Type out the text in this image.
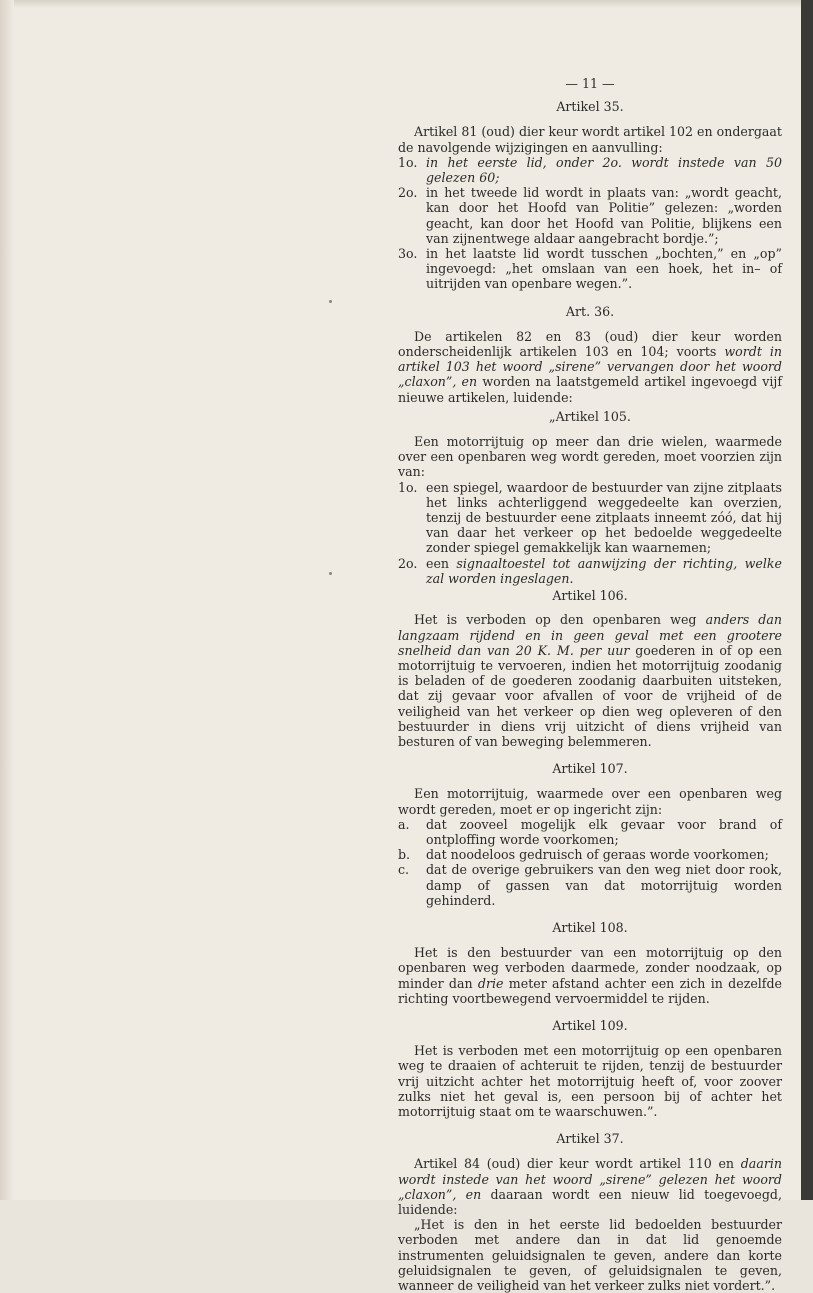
— 11 —
Artikel 35.

Artikel 81 (oud) dier keur wordt artikel 102 en ondergaat de navolgende wijzigingen en aanvulling:

1o. in het eerste lid, onder 2o. wordt instede van 50 gelezen 60;
2o. in het tweede lid wordt in plaats van: „wordt geacht, kan door het Hoofd van Politie” gelezen: „worden geacht, kan door het Hoofd van Politie, blijkens een van zijnentwege aldaar aangebracht bordje.”;
3o. in het laatste lid wordt tusschen „bochten,” en „op” ingevoegd: „het omslaan van een hoek, het in– of uitrijden van openbare wegen.”.
Art. 36.

De artikelen 82 en 83 (oud) dier keur worden onderscheidenlijk artikelen 103 en 104; voorts wordt in artikel 103 het woord „sirene” vervangen door het woord „claxon”, en worden na laatstgemeld artikel ingevoegd vijf nieuwe artikelen, luidende:

„Artikel 105.

Een motorrijtuig op meer dan drie wielen, waarmede over een openbaren weg wordt gereden, moet voorzien zijn van:

1o. een spiegel, waardoor de bestuurder van zijne zitplaats het links achterliggend weggedeelte kan overzien, tenzij de bestuurder eene zitplaats inneemt zóó, dat hij van daar het verkeer op het bedoelde weggedeelte zonder spiegel gemakkelijk kan waarnemen;
2o. een signaaltoestel tot aanwijzing der richting, welke zal worden ingeslagen.
Artikel 106.

Het is verboden op den openbaren weg anders dan langzaam rijdend en in geen geval met een grootere snelheid dan van 20 K. M. per uur goederen in of op een motorrijtuig te vervoeren, indien het motorrijtuig zoodanig is beladen of de goederen zoodanig daarbuiten uitsteken, dat zij gevaar voor afvallen of voor de vrijheid of de veiligheid van het verkeer op dien weg opleveren of den bestuurder in diens vrij uitzicht of diens vrijheid van besturen of van beweging belemmeren.

Artikel 107.

Een motorrijtuig, waarmede over een openbaren weg wordt gereden, moet er op ingericht zijn:

a.	dat zooveel mogelijk elk gevaar voor brand of ontploffing worde voorkomen;
b.	dat noodeloos gedruisch of geraas worde voorkomen;
c.	dat de overige gebruikers van den weg niet door rook, damp of gassen van dat motorrijtuig worden gehinderd.
Artikel 108.

Het is den bestuurder van een motorrijtuig op den openbaren weg verboden daarmede, zonder noodzaak, op minder dan drie meter afstand achter een zich in dezelfde richting voortbewegend vervoermiddel te rijden.

Artikel 109.

Het is verboden met een motorrijtuig op een openbaren weg te draaien of achteruit te rijden, tenzij de bestuurder vrij uitzicht achter het motorrijtuig heeft of, voor zoover zulks niet het geval is, een persoon bij of achter het motorrijtuig staat om te waarschuwen.”.

Artikel 37.

Artikel 84 (oud) dier keur wordt artikel 110 en daarin wordt instede van het woord „sirene” gelezen het woord „claxon”, en daaraan wordt een nieuw lid toegevoegd, luidende:

„Het is den in het eerste lid bedoelden bestuurder verboden met andere dan in dat lid genoemde instrumenten geluidsignalen te geven, andere dan korte geluidsignalen te geven, of geluidsignalen te geven, wanneer de veiligheid van het verkeer zulks niet vordert.”.
